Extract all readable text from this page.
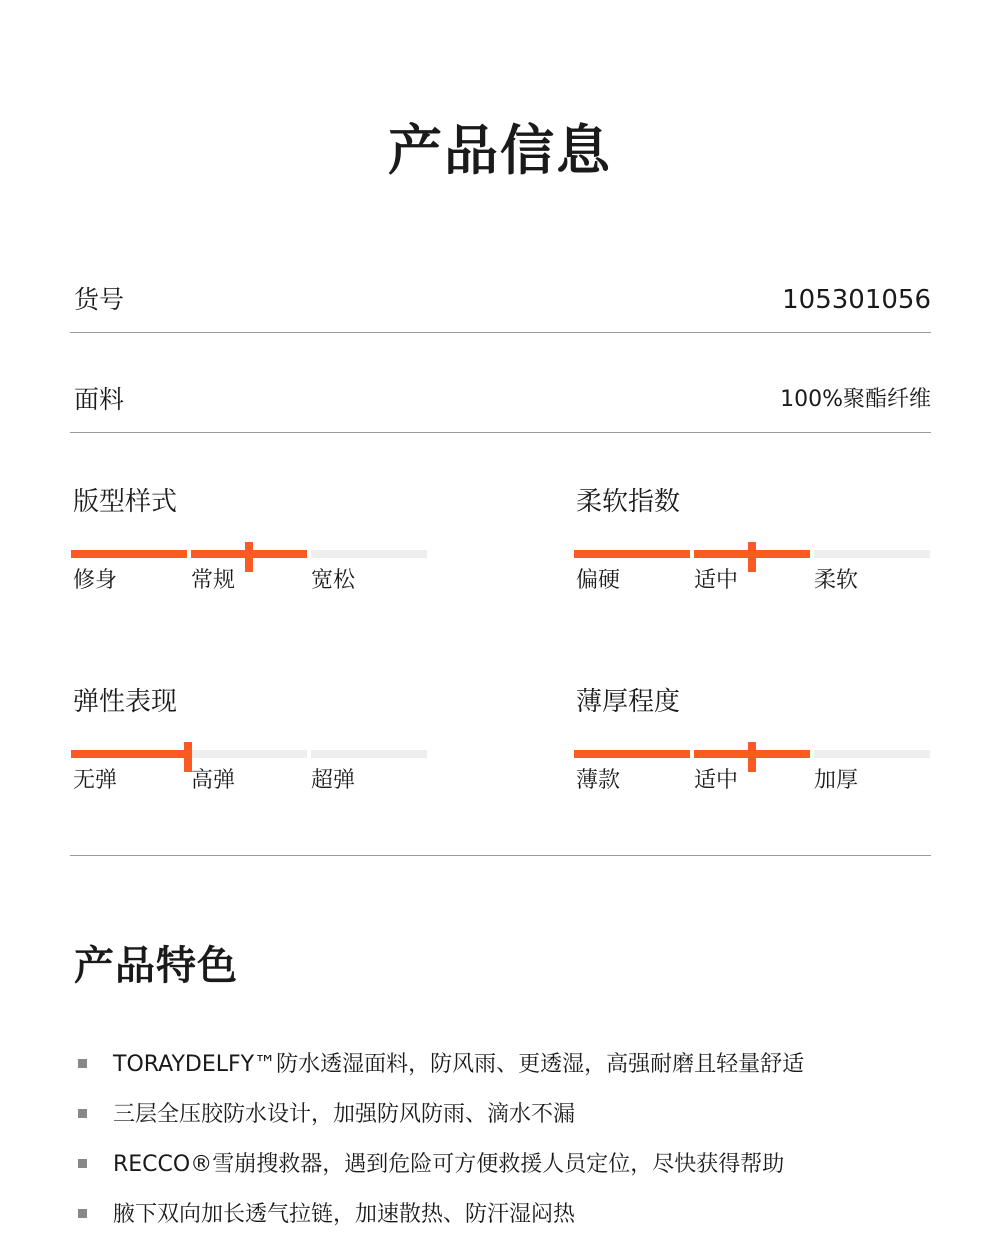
产品信息
货号	105301056
面料	100%聚酯纤维
版型样式
修身	常规	宽松
柔软指数
偏硬	适中	柔软
弹性表现
无弹	高弹	超弹
薄厚程度
薄款	适中	加厚
产品特色
TORAYDELFY™防水透湿面料，防风雨、更透湿，高强耐磨且轻量舒适
三层全压胶防水设计，加强防风防雨、滴水不漏
RECCO®雪崩搜救器，遇到危险可方便救援人员定位，尽快获得帮助
腋下双向加长透气拉链，加速散热、防汗湿闷热
